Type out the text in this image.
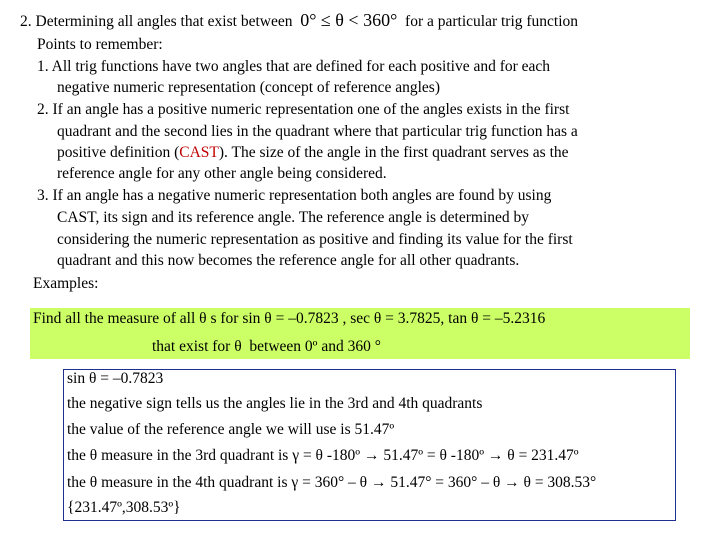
2. Determining all angles that exist between 0° ≤ θ < 360° for a particular trig function
Points to remember:
1. All trig functions have two angles that are defined for each positive and for each
negative numeric representation (concept of reference angles)
2. If an angle has a positive numeric representation one of the angles exists in the first
quadrant and the second lies in the quadrant where that particular trig function has a
positive definition (CAST). The size of the angle in the first quadrant serves as the
reference angle for any other angle being considered.
3. If an angle has a negative numeric representation both angles are found by using
CAST, its sign and its reference angle. The reference angle is determined by
considering the numeric representation as positive and finding its value for the first
quadrant and this now becomes the reference angle for all other quadrants.
Examples:
Find all the measure of all θ s for sin θ = –0.7823 , sec θ = 3.7825, tan θ = –5.2316
that exist for θ between 0º and 360 °
sin θ = –0.7823
the negative sign tells us the angles lie in the 3rd and 4th quadrants
the value of the reference angle we will use is 51.47º
the θ measure in the 3rd quadrant is γ = θ -180º → 51.47º = θ -180º → θ = 231.47º
the θ measure in the 4th quadrant is γ = 360° – θ → 51.47° = 360° – θ → θ = 308.53°
{231.47º,308.53º}
